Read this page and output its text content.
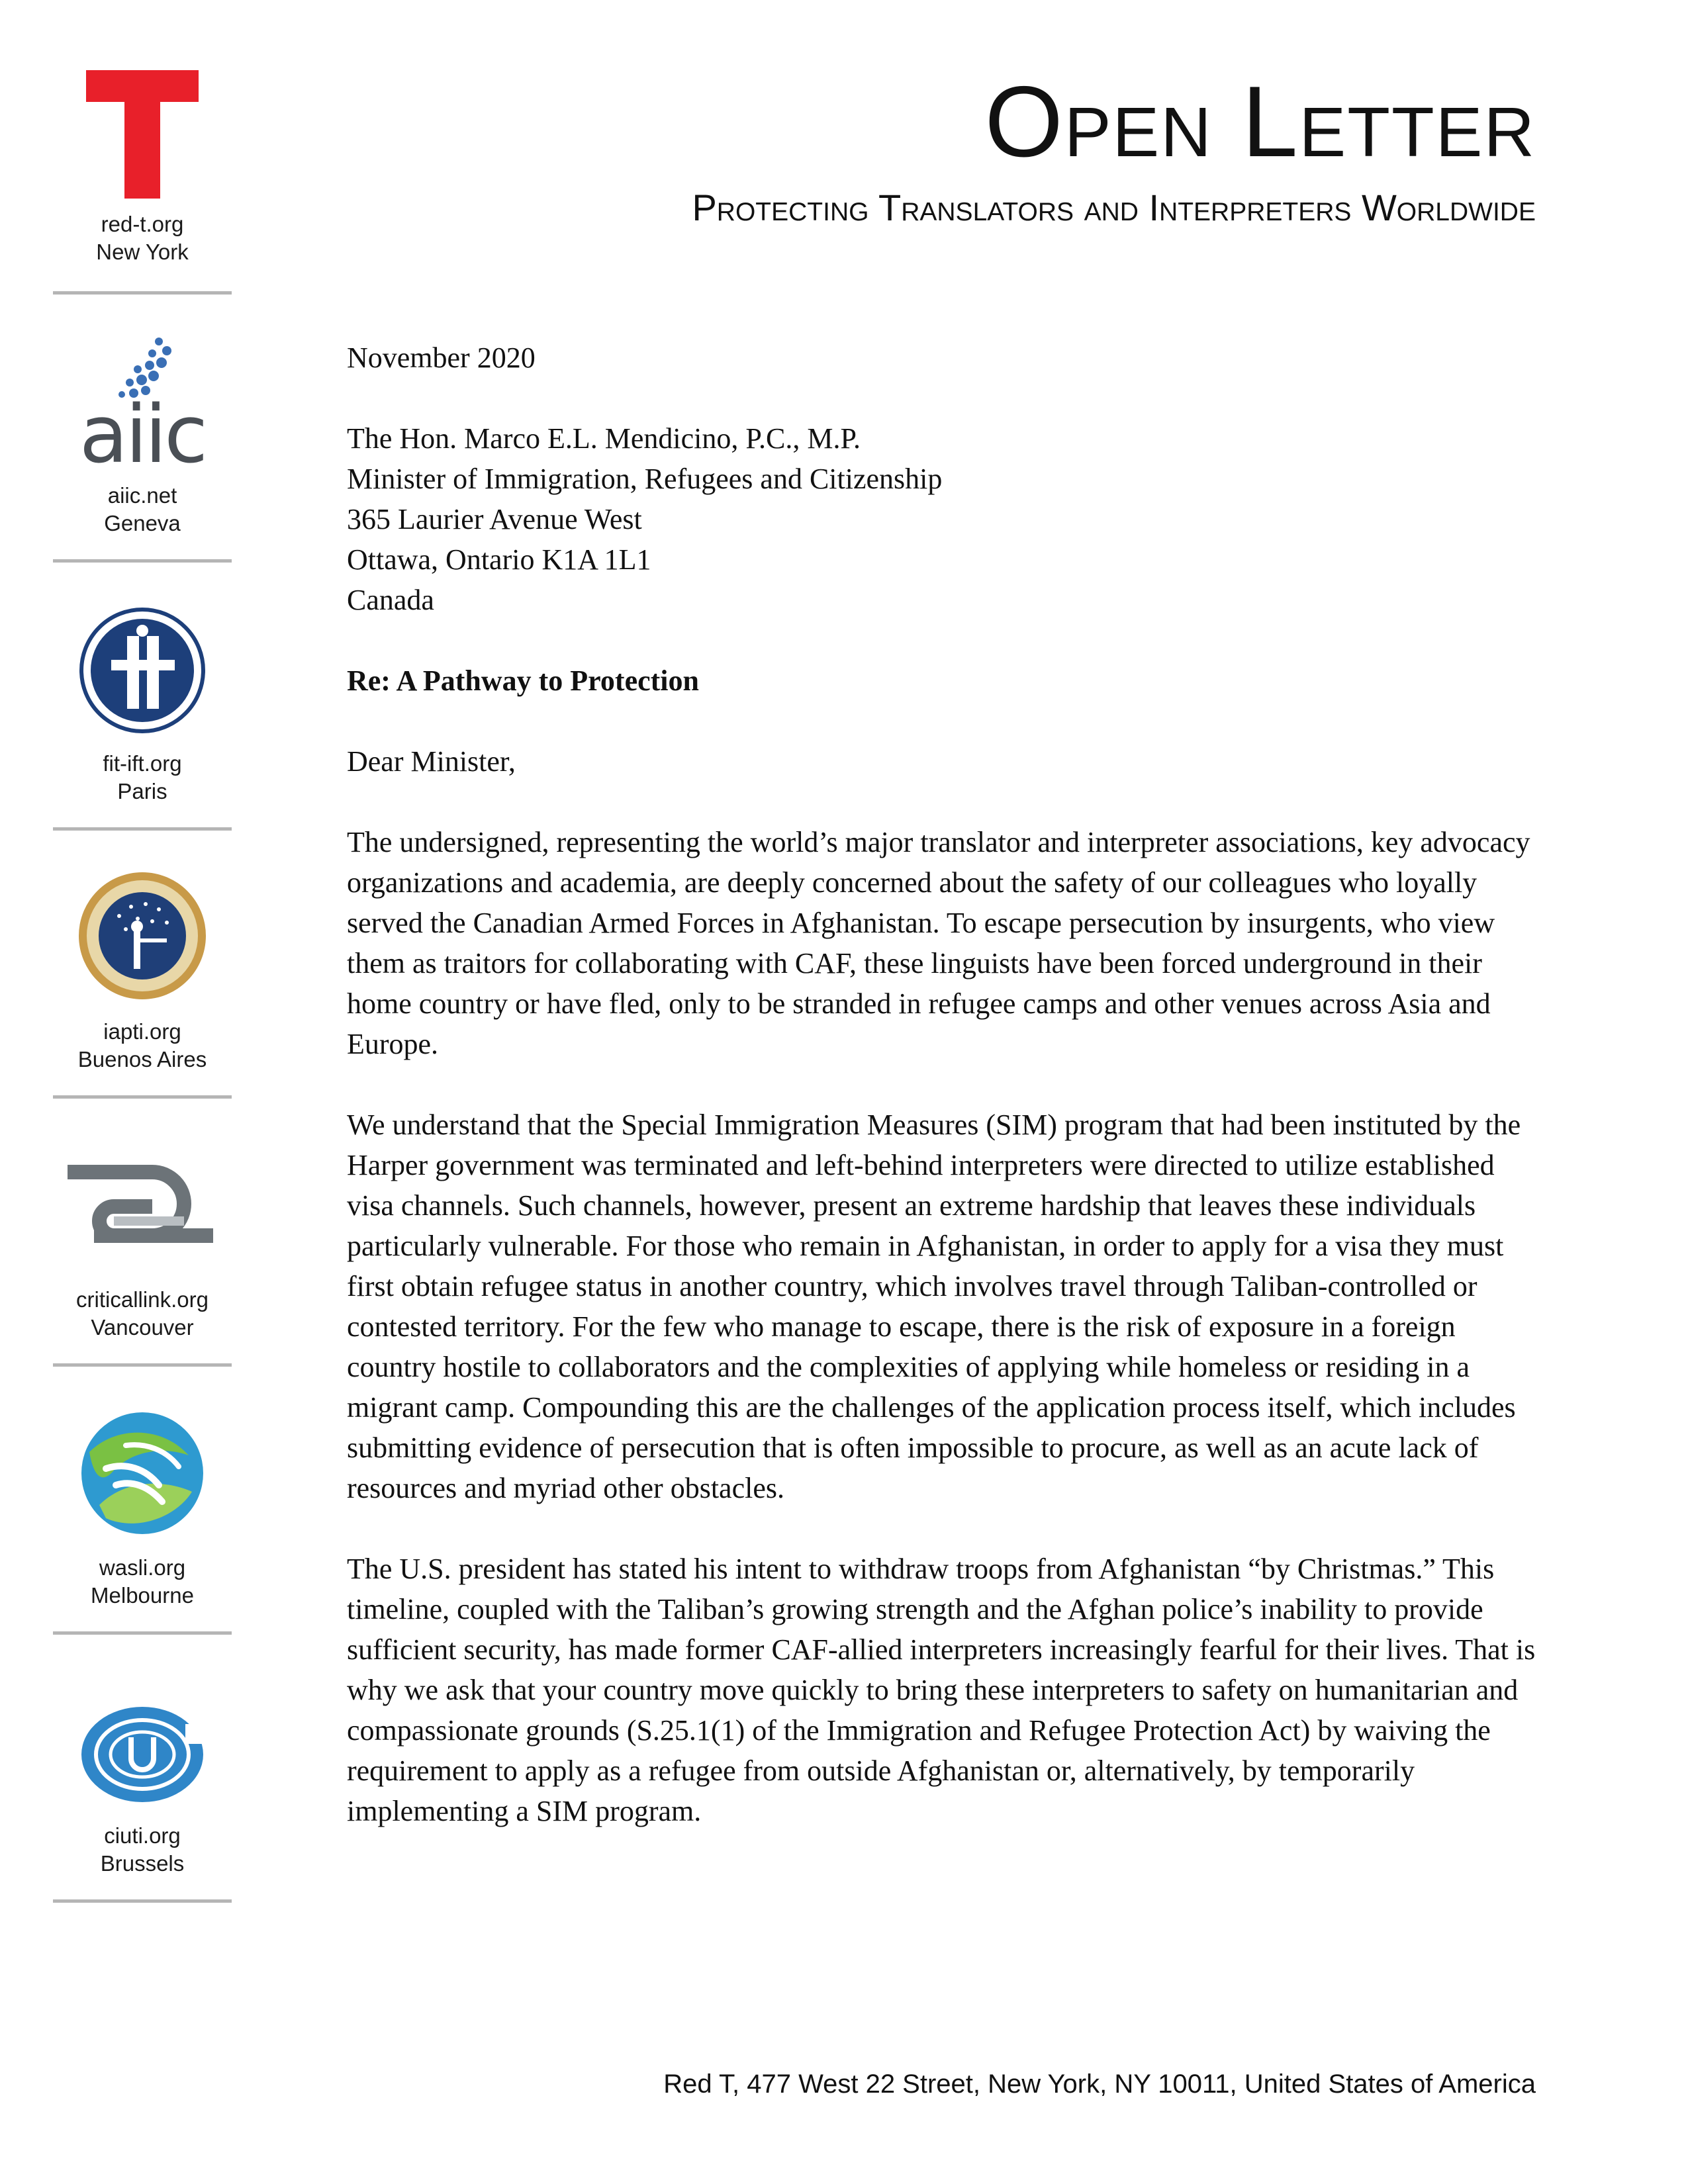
red-t.org
New York
aiic
aiic.net
Geneva
fit-ift.org
Paris
iapti.org
Buenos Aires
criticallink.org
Vancouver
wasli.org
Melbourne
ciuti.org
Brussels
Open Letter
Protecting Translators and Interpreters Worldwide

November 2020

The Hon. Marco E.L. Mendicino, P.C., M.P.
Minister of Immigration, Refugees and Citizenship
365 Laurier Avenue West
Ottawa, Ontario K1A 1L1
Canada

Re: A Pathway to Protection

Dear Minister,

The undersigned, representing the world’s major translator and interpreter associations, key advocacy organizations and academia, are deeply concerned about the safety of our colleagues who loyally served the Canadian Armed Forces in Afghanistan. To escape persecution by insurgents, who view them as traitors for collaborating with CAF, these linguists have been forced underground in their home country or have fled, only to be stranded in refugee camps and other venues across Asia and Europe.

We understand that the Special Immigration Measures (SIM) program that had been instituted by the Harper government was terminated and left-behind interpreters were directed to utilize established visa channels. Such channels, however, present an extreme hardship that leaves these individuals particularly vulnerable. For those who remain in Afghanistan, in order to apply for a visa they must first obtain refugee status in another country, which involves travel through Taliban-controlled or contested territory. For the few who manage to escape, there is the risk of exposure in a foreign country hostile to collaborators and the complexities of applying while homeless or residing in a migrant camp. Compounding this are the challenges of the application process itself, which includes submitting evidence of persecution that is often impossible to procure, as well as an acute lack of resources and myriad other obstacles.

The U.S. president has stated his intent to withdraw troops from Afghanistan “by Christmas.” This timeline, coupled with the Taliban’s growing strength and the Afghan police’s inability to provide sufficient security, has made former CAF-allied interpreters increasingly fearful for their lives. That is why we ask that your country move quickly to bring these interpreters to safety on humanitarian and compassionate grounds (S.25.1(1) of the Immigration and Refugee Protection Act) by waiving the requirement to apply as a refugee from outside Afghanistan or, alternatively, by temporarily implementing a SIM program.

Red T, 477 West 22 Street, New York, NY 10011, United States of America
